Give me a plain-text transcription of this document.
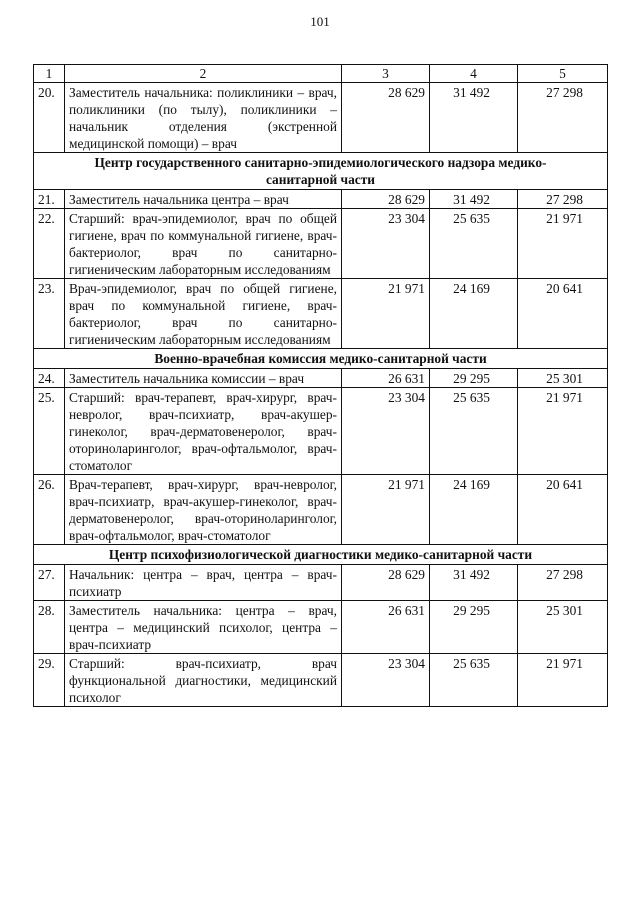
101
1	2	3	4	5
20.	Заместитель начальника: поликлиники – врач, поликлиники (по тылу), поликлиники – начальник отделения (экстренной медицинской помощи) – врач	28 629	31 492	27 298
Центр государственного санитарно-эпидемиологического надзора медико-санитарной части				
21.	Заместитель начальника центра – врач	28 629	31 492	27 298
22.	Старший: врач-эпидемиолог, врач по общей гигиене, врач по коммунальной гигиене, врач-бактериолог, врач по санитарно-гигиеническим лабораторным исследованиям	23 304	25 635	21 971
23.	Врач-эпидемиолог, врач по общей гигиене, врач по коммунальной гигиене, врач-бактериолог, врач по санитарно-гигиеническим лабораторным исследованиям	21 971	24 169	20 641
Военно-врачебная комиссия медико-санитарной части				
24.	Заместитель начальника комиссии – врач	26 631	29 295	25 301
25.	Старший: врач-терапевт, врач-хирург, врач-невролог, врач-психиатр, врач-акушер-гинеколог, врач-дерматовенеролог, врач-оториноларинголог, врач-офтальмолог, врач-стоматолог	23 304	25 635	21 971
26.	Врач-терапевт, врач-хирург, врач-невролог, врач-психиатр, врач-акушер-гинеколог, врач-дерматовенеролог, врач-оториноларинголог, врач-офтальмолог, врач-стоматолог	21 971	24 169	20 641
Центр психофизиологической диагностики медико-санитарной части				
27.	Начальник: центра – врач, центра – врач-психиатр	28 629	31 492	27 298
28.	Заместитель начальника: центра – врач, центра – медицинский психолог, центра – врач-психиатр	26 631	29 295	25 301
29.	Старший: врач-психиатр, врач функциональной диагностики, медицинский психолог	23 304	25 635	21 971
